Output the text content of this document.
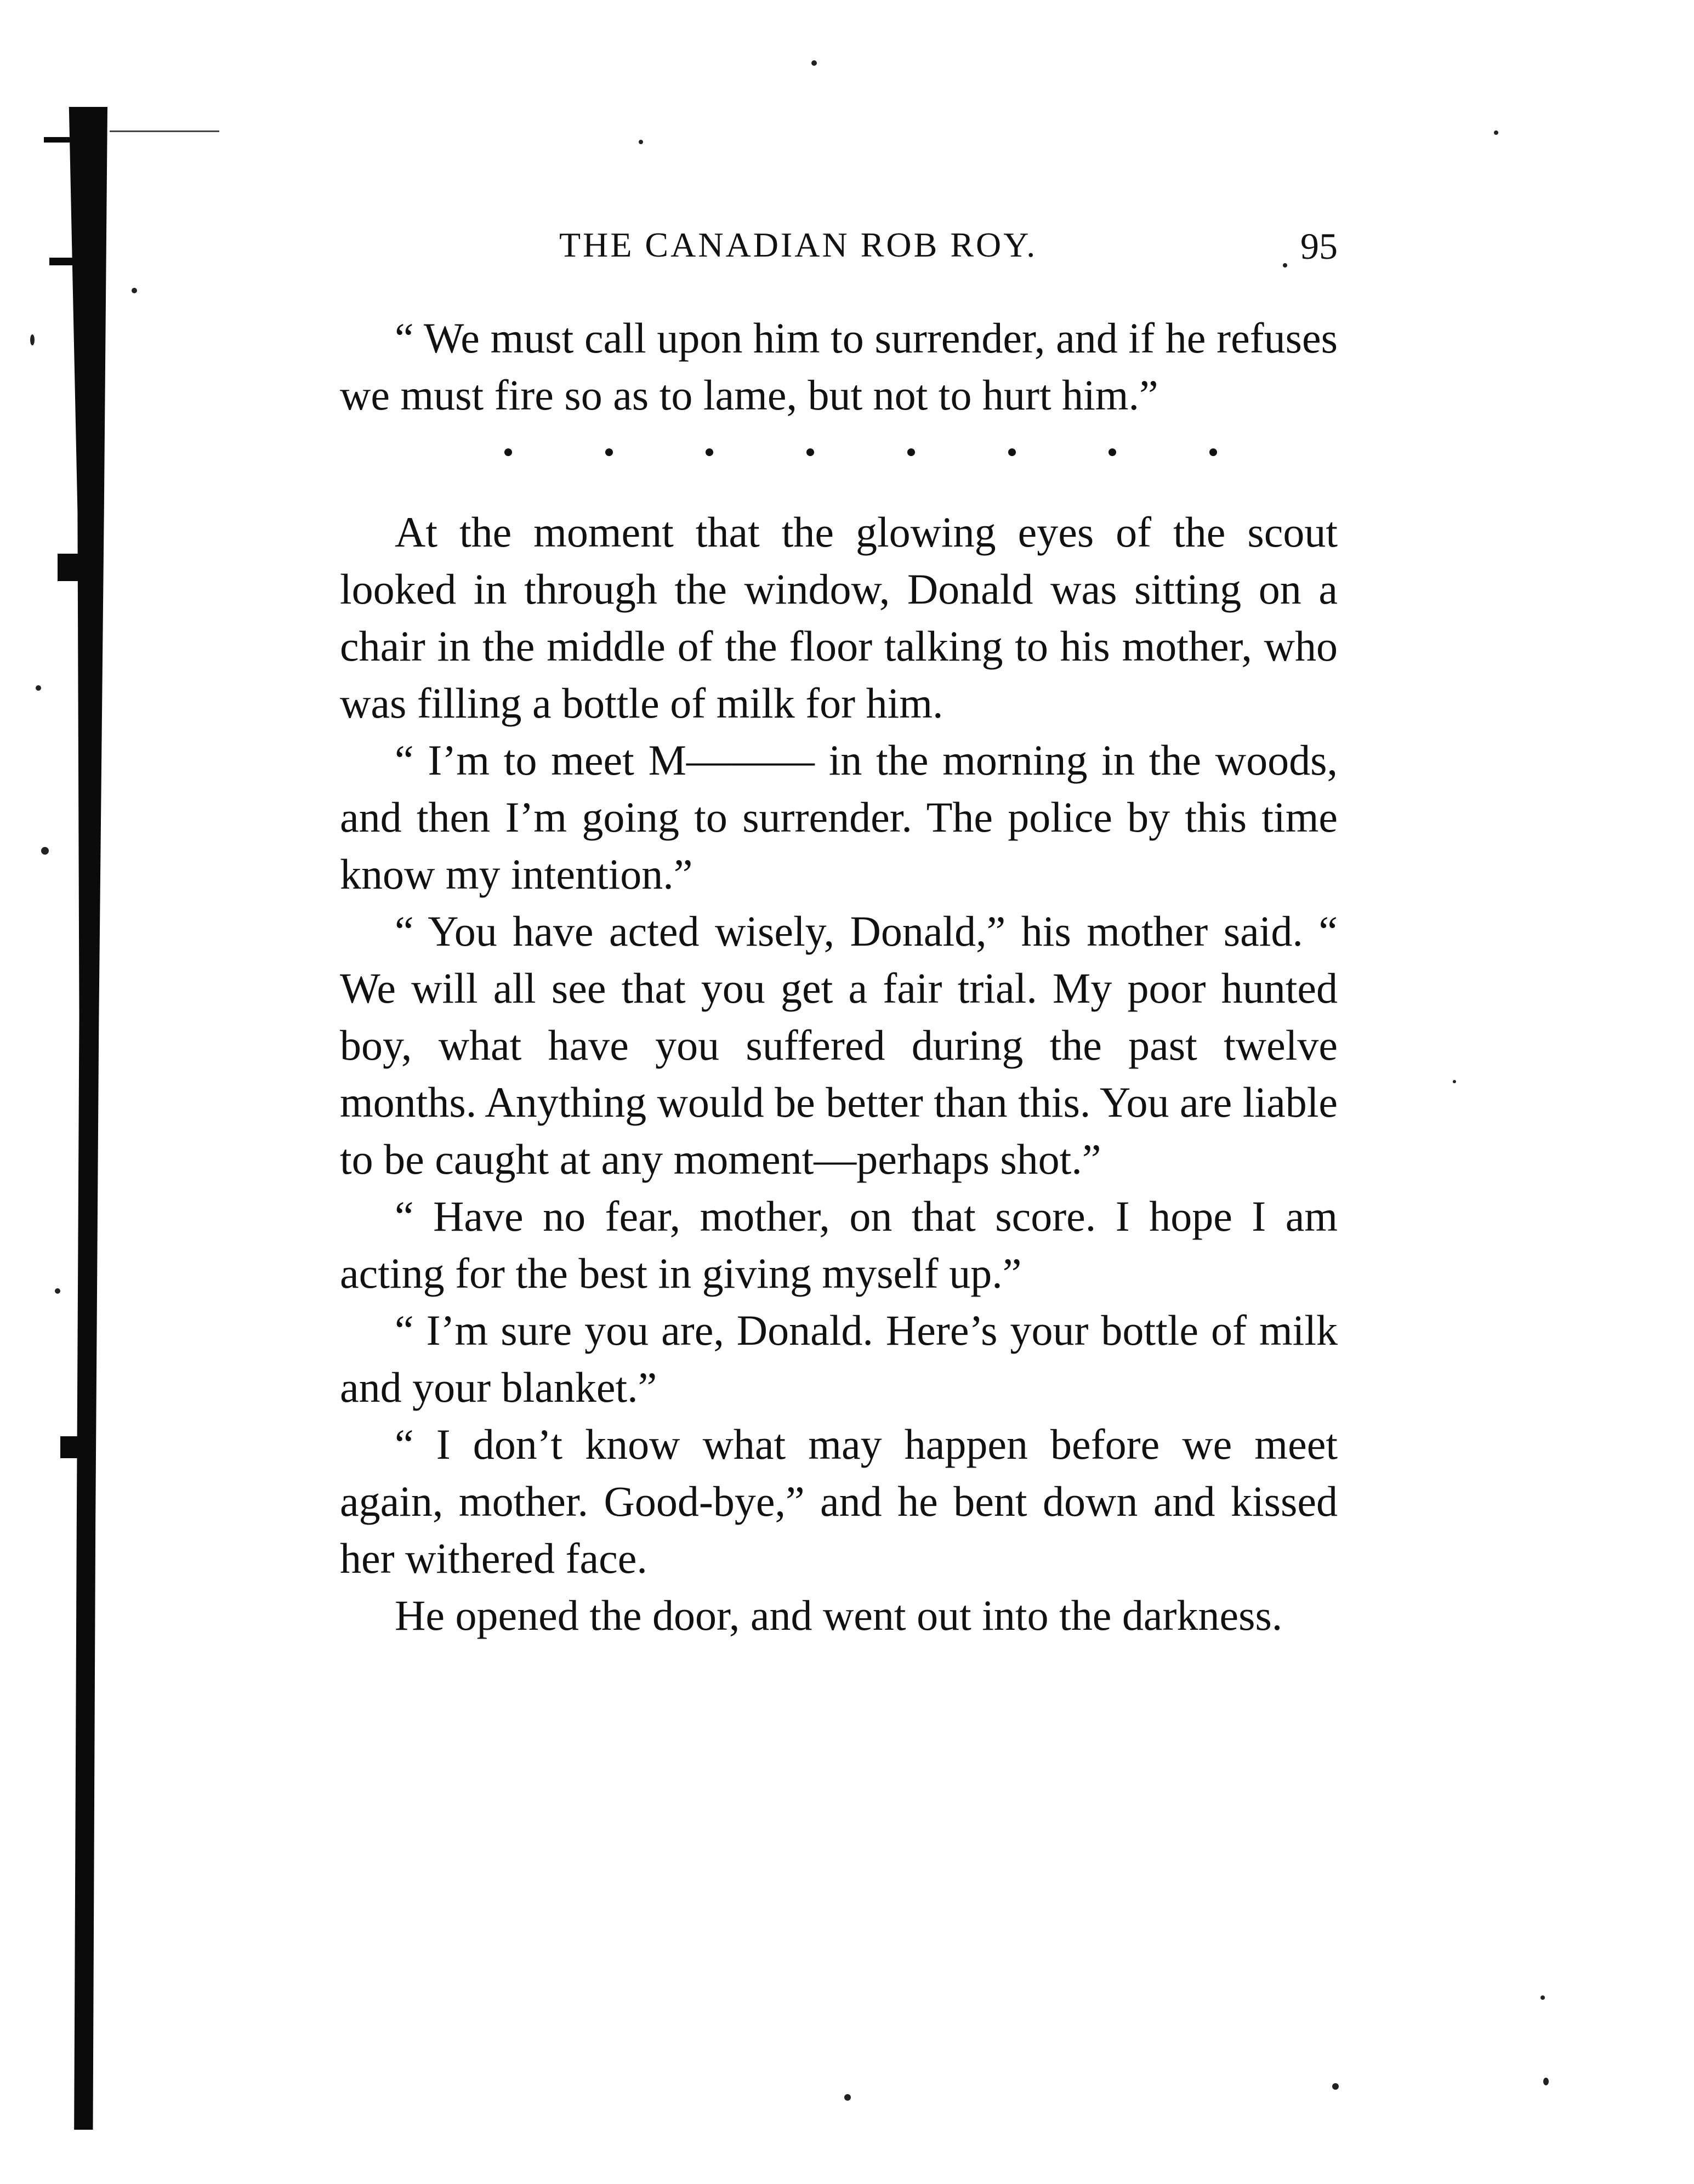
THE CANADIAN ROB ROY.	95

“ We must call upon him to surrender, and if he refuses we must fire so as to lame, but not to hurt him.”

At the moment that the glowing eyes of the scout looked in through the window, Donald was sitting on a chair in the middle of the floor talking to his mother, who was filling a bottle of milk for him.

“ I’m to meet M——— in the morning in the woods, and then I’m going to surrender. The police by this time know my intention.”

“ You have acted wisely, Donald,” his mother said. “ We will all see that you get a fair trial. My poor hunted boy, what have you suffered during the past twelve months. Anything would be better than this. You are liable to be caught at any moment—perhaps shot.”

“ Have no fear, mother, on that score. I hope I am acting for the best in giving myself up.”

“ I’m sure you are, Donald. Here’s your bottle of milk and your blanket.”

“ I don’t know what may happen before we meet again, mother. Good-bye,” and he bent down and kissed her withered face.

He opened the door, and went out into the darkness.
